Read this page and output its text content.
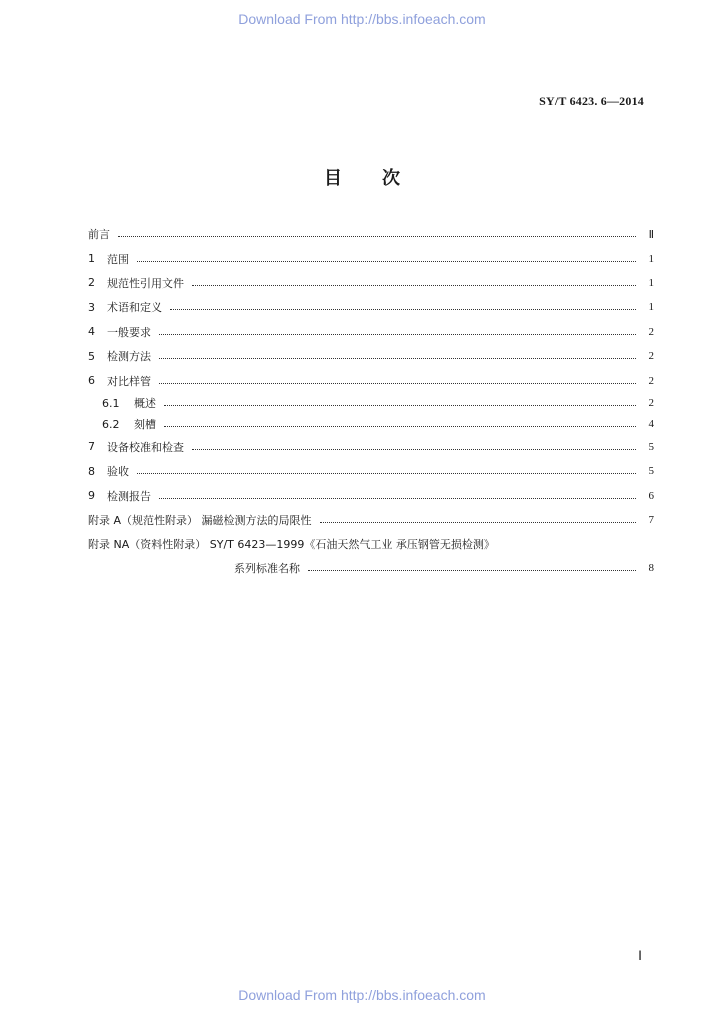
Download From http://bbs.infoeach.com
SY/T 6423. 6—2014
目 次
前言	Ⅱ
1	范围	1
2	规范性引用文件	1
3	术语和定义	1
4	一般要求	2
5	检测方法	2
6	对比样管	2
6.1	概述	2
6.2	刻槽	4
7	设备校准和检查	5
8	验收	5
9	检测报告	6
附录 A（规范性附录） 漏磁检测方法的局限性	7
附录 NA（资料性附录） SY/T 6423—1999《石油天然气工业 承压钢管无损检测》
系列标准名称	8
Ⅰ
Download From http://bbs.infoeach.com
